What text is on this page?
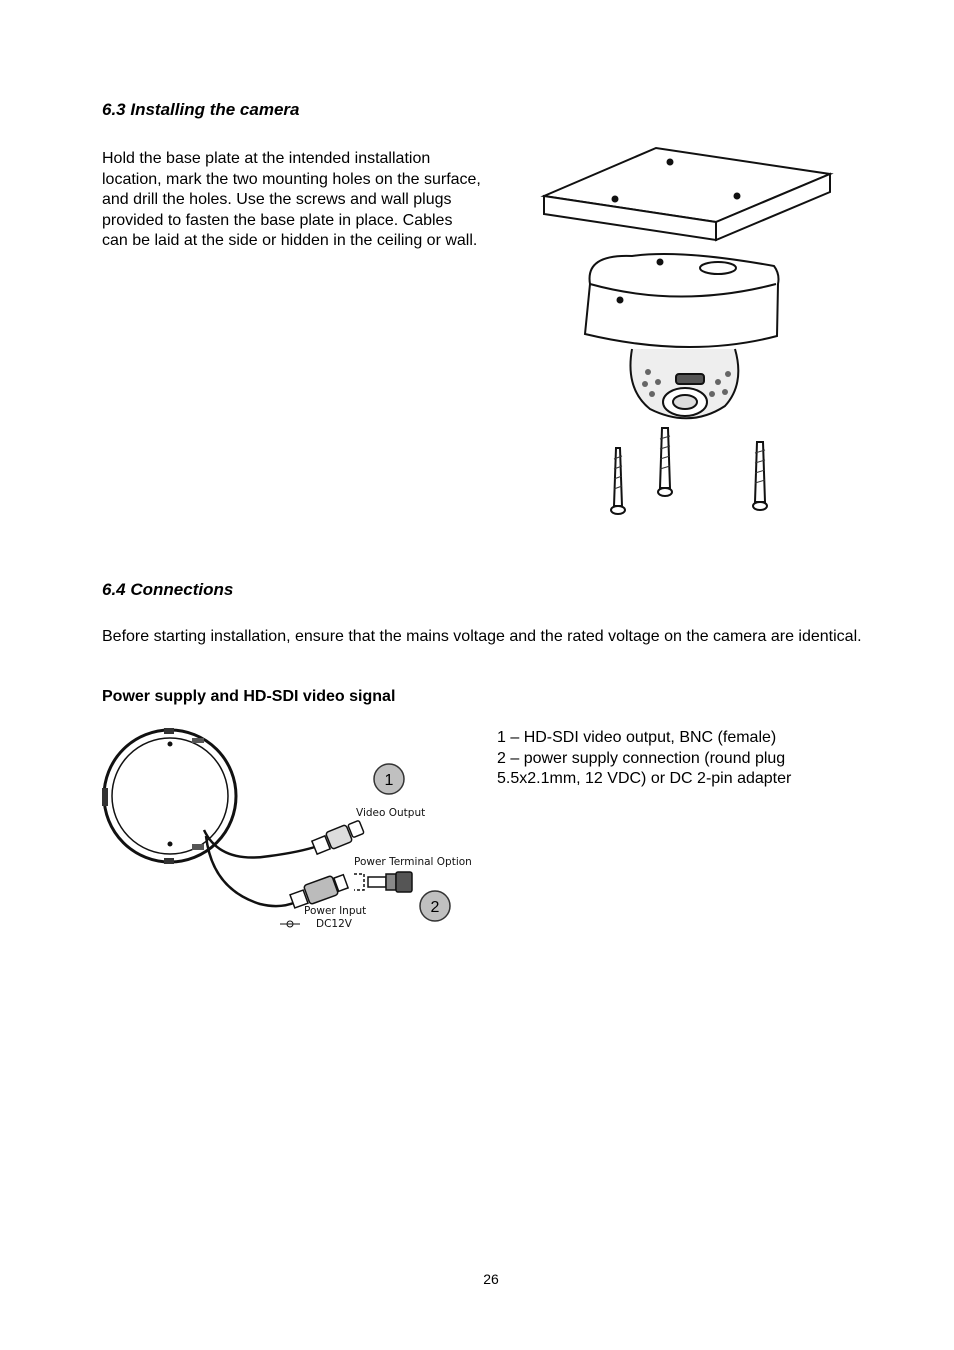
6.3 Installing the camera

Hold the base plate at the intended installation location, mark the two mounting holes on the surface, and drill the holes. Use the screws and wall plugs provided to fasten the base plate in place. Cables can be laid at the side or hidden in the ceiling or wall.

6.4 Connections

Before starting installation, ensure that the mains voltage and the rated voltage on the camera are identical.

Power supply and HD-SDI video signal
1 – HD-SDI video output, BNC (female)
2 – power supply connection (round plug
5.5x2.1mm, 12 VDC) or DC 2-pin adapter
Video Output
Power Terminal Option
Power Input
DC12V
1
2
26
